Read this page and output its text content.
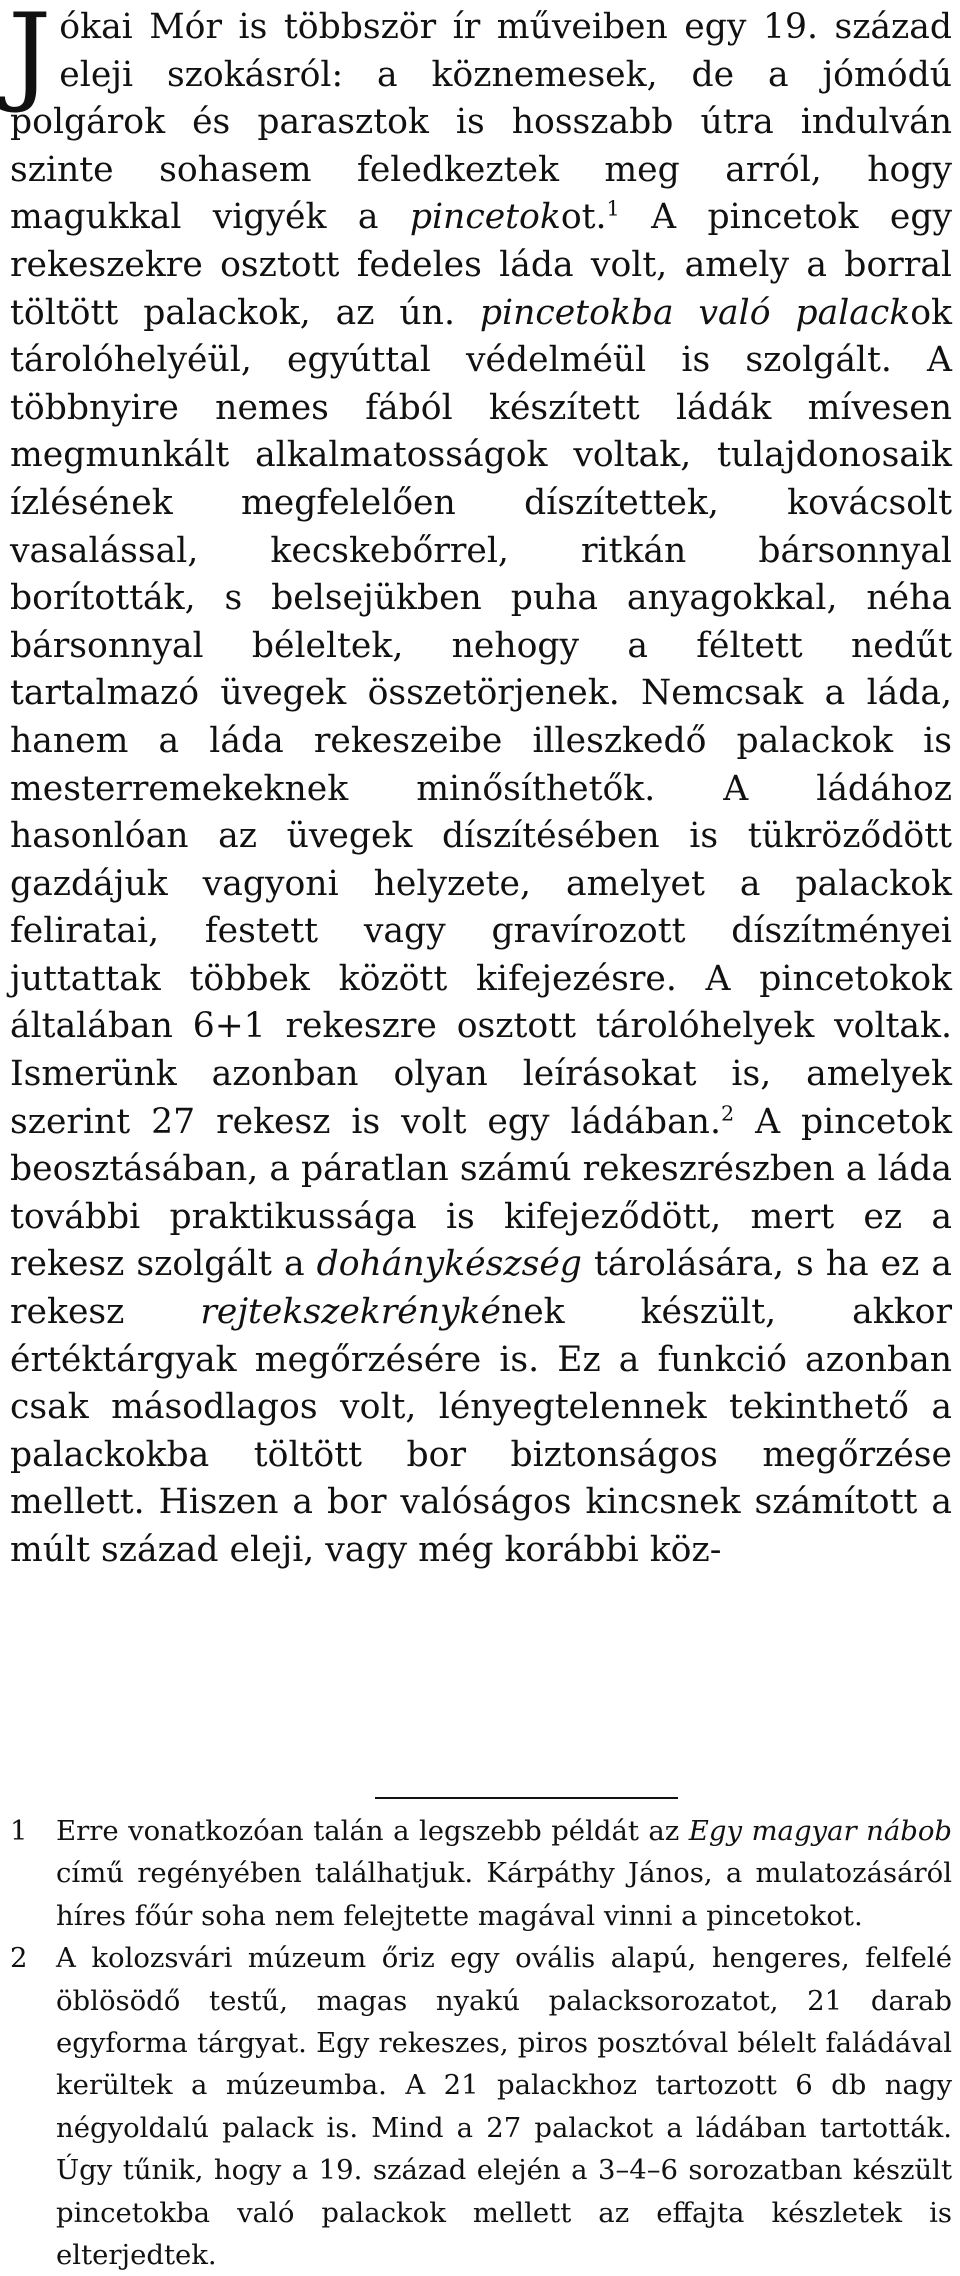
Jókai Mór is többször ír műveiben egy 19. század eleji szokásról: a köznemesek, de a jómódú polgárok és parasztok is hosszabb útra indulván szinte sohasem feledkeztek meg arról, hogy magukkal vigyék a pincetokot.$^1$ A pincetok egy rekeszekre osztott fedeles láda volt, amely a borral töltött palackok, az ún. pincetokba való palackok tárolóhelyéül, egyúttal védelméül is szolgált. A többnyire nemes fából készített ládák mívesen megmunkált alkalmatosságok voltak, tulajdonosaik ízlésének megfelelően díszítettek, kovácsolt vasalással, kecskebőrrel, ritkán bársonnyal borították, s belsejükben puha anyagokkal, néha bársonnyal béleltek, nehogy a féltett nedűt tartalmazó üvegek összetörjenek. Nemcsak a láda, hanem a láda rekeszeibe illeszkedő palackok is mesterremekeknek minősíthetők. A ládához hasonlóan az üvegek díszítésében is tükröződött gazdájuk vagyoni helyzete, amelyet a palackok feliratai, festett vagy gravírozott díszítményei juttattak többek között kifejezésre. A pincetokok általában 6+1 rekeszre osztott tárolóhelyek voltak. Ismerünk azonban olyan leírásokat is, amelyek szerint 27 rekesz is volt egy ládában.$^2$ A pincetok beosztásában, a páratlan számú rekeszrészben a láda további praktikussága is kifejeződött, mert ez a rekesz szolgált a dohánykészség tárolására, s ha ez a rekesz rejtekszekrénykének készült, akkor értéktárgyak megőrzésére is. Ez a funkció azonban csak másodlagos volt, lényegtelennek tekinthető a palackokba töltött bor biztonságos megőrzése mellett. Hiszen a bor valóságos kincsnek számított a múlt század eleji, vagy még korábbi köz-

1	Erre vonatkozóan talán a legszebb példát az Egy magyar nábob című regényében találhatjuk. Kárpáthy János, a mulatozásáról híres főúr soha nem felejtette magával vinni a pincetokot.

2	A kolozsvári múzeum őriz egy ovális alapú, hengeres, felfelé öblösödő testű, magas nyakú palacksorozatot, 21 darab egyforma tárgyat. Egy rekeszes, piros posztóval bélelt faládával kerültek a múzeumba. A 21 palackhoz tartozott 6 db nagy négyoldalú palack is. Mind a 27 palackot a ládában tartották. Úgy tűnik, hogy a 19. század elején a 3–4–6 sorozatban készült pincetokba való palackok mellett az effajta készletek is elterjedtek.
